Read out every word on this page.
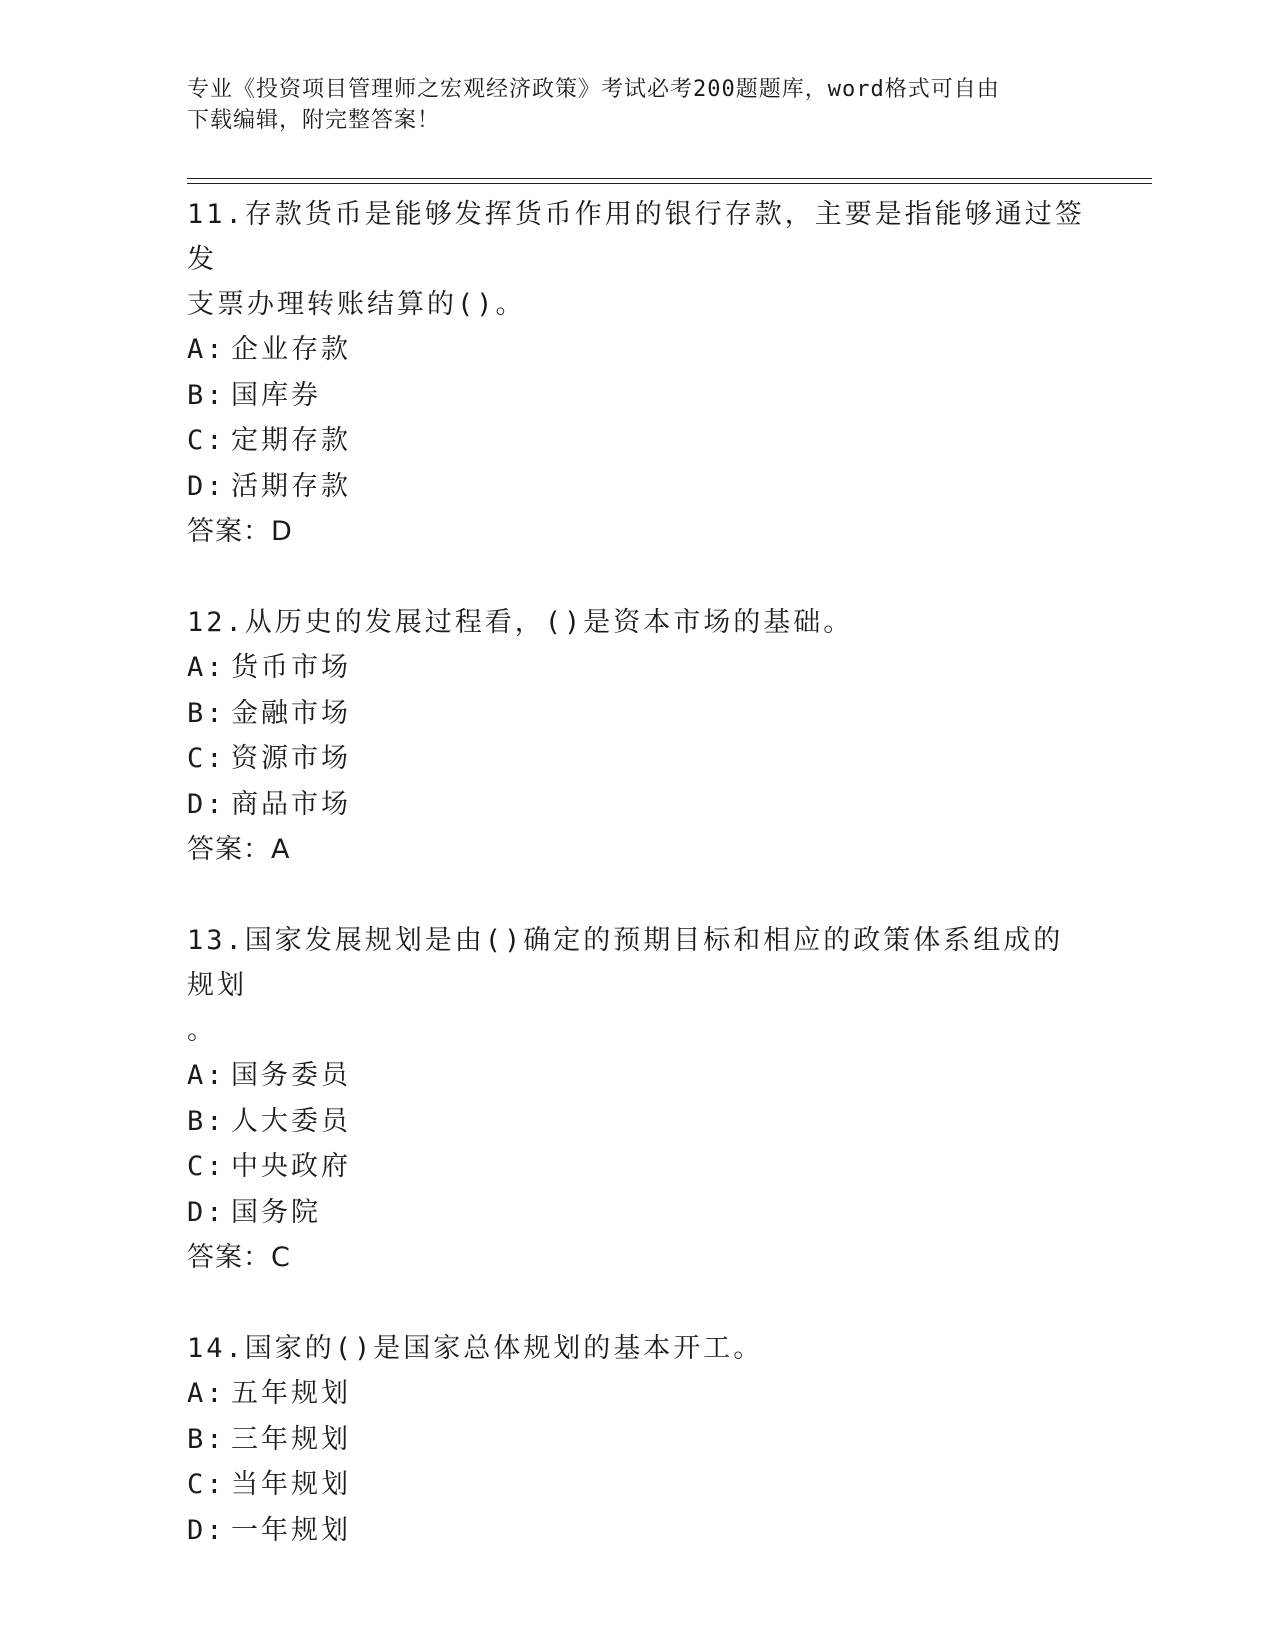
专业《投资项目管理师之宏观经济政策》考试必考200题题库，word格式可自由
下载编辑，附完整答案！

11.存款货币是能够发挥货币作用的银行存款，主要是指能够通过签发

支票办理转账结算的()。

A: 企业存款

B: 国库券

C: 定期存款

D: 活期存款

答案：D

12.从历史的发展过程看，()是资本市场的基础。

A: 货币市场

B: 金融市场

C: 资源市场

D: 商品市场

答案：A

13.国家发展规划是由()确定的预期目标和相应的政策体系组成的规划

。

A: 国务委员

B: 人大委员

C: 中央政府

D: 国务院

答案：C

14.国家的()是国家总体规划的基本开工。

A: 五年规划

B: 三年规划

C: 当年规划

D: 一年规划
